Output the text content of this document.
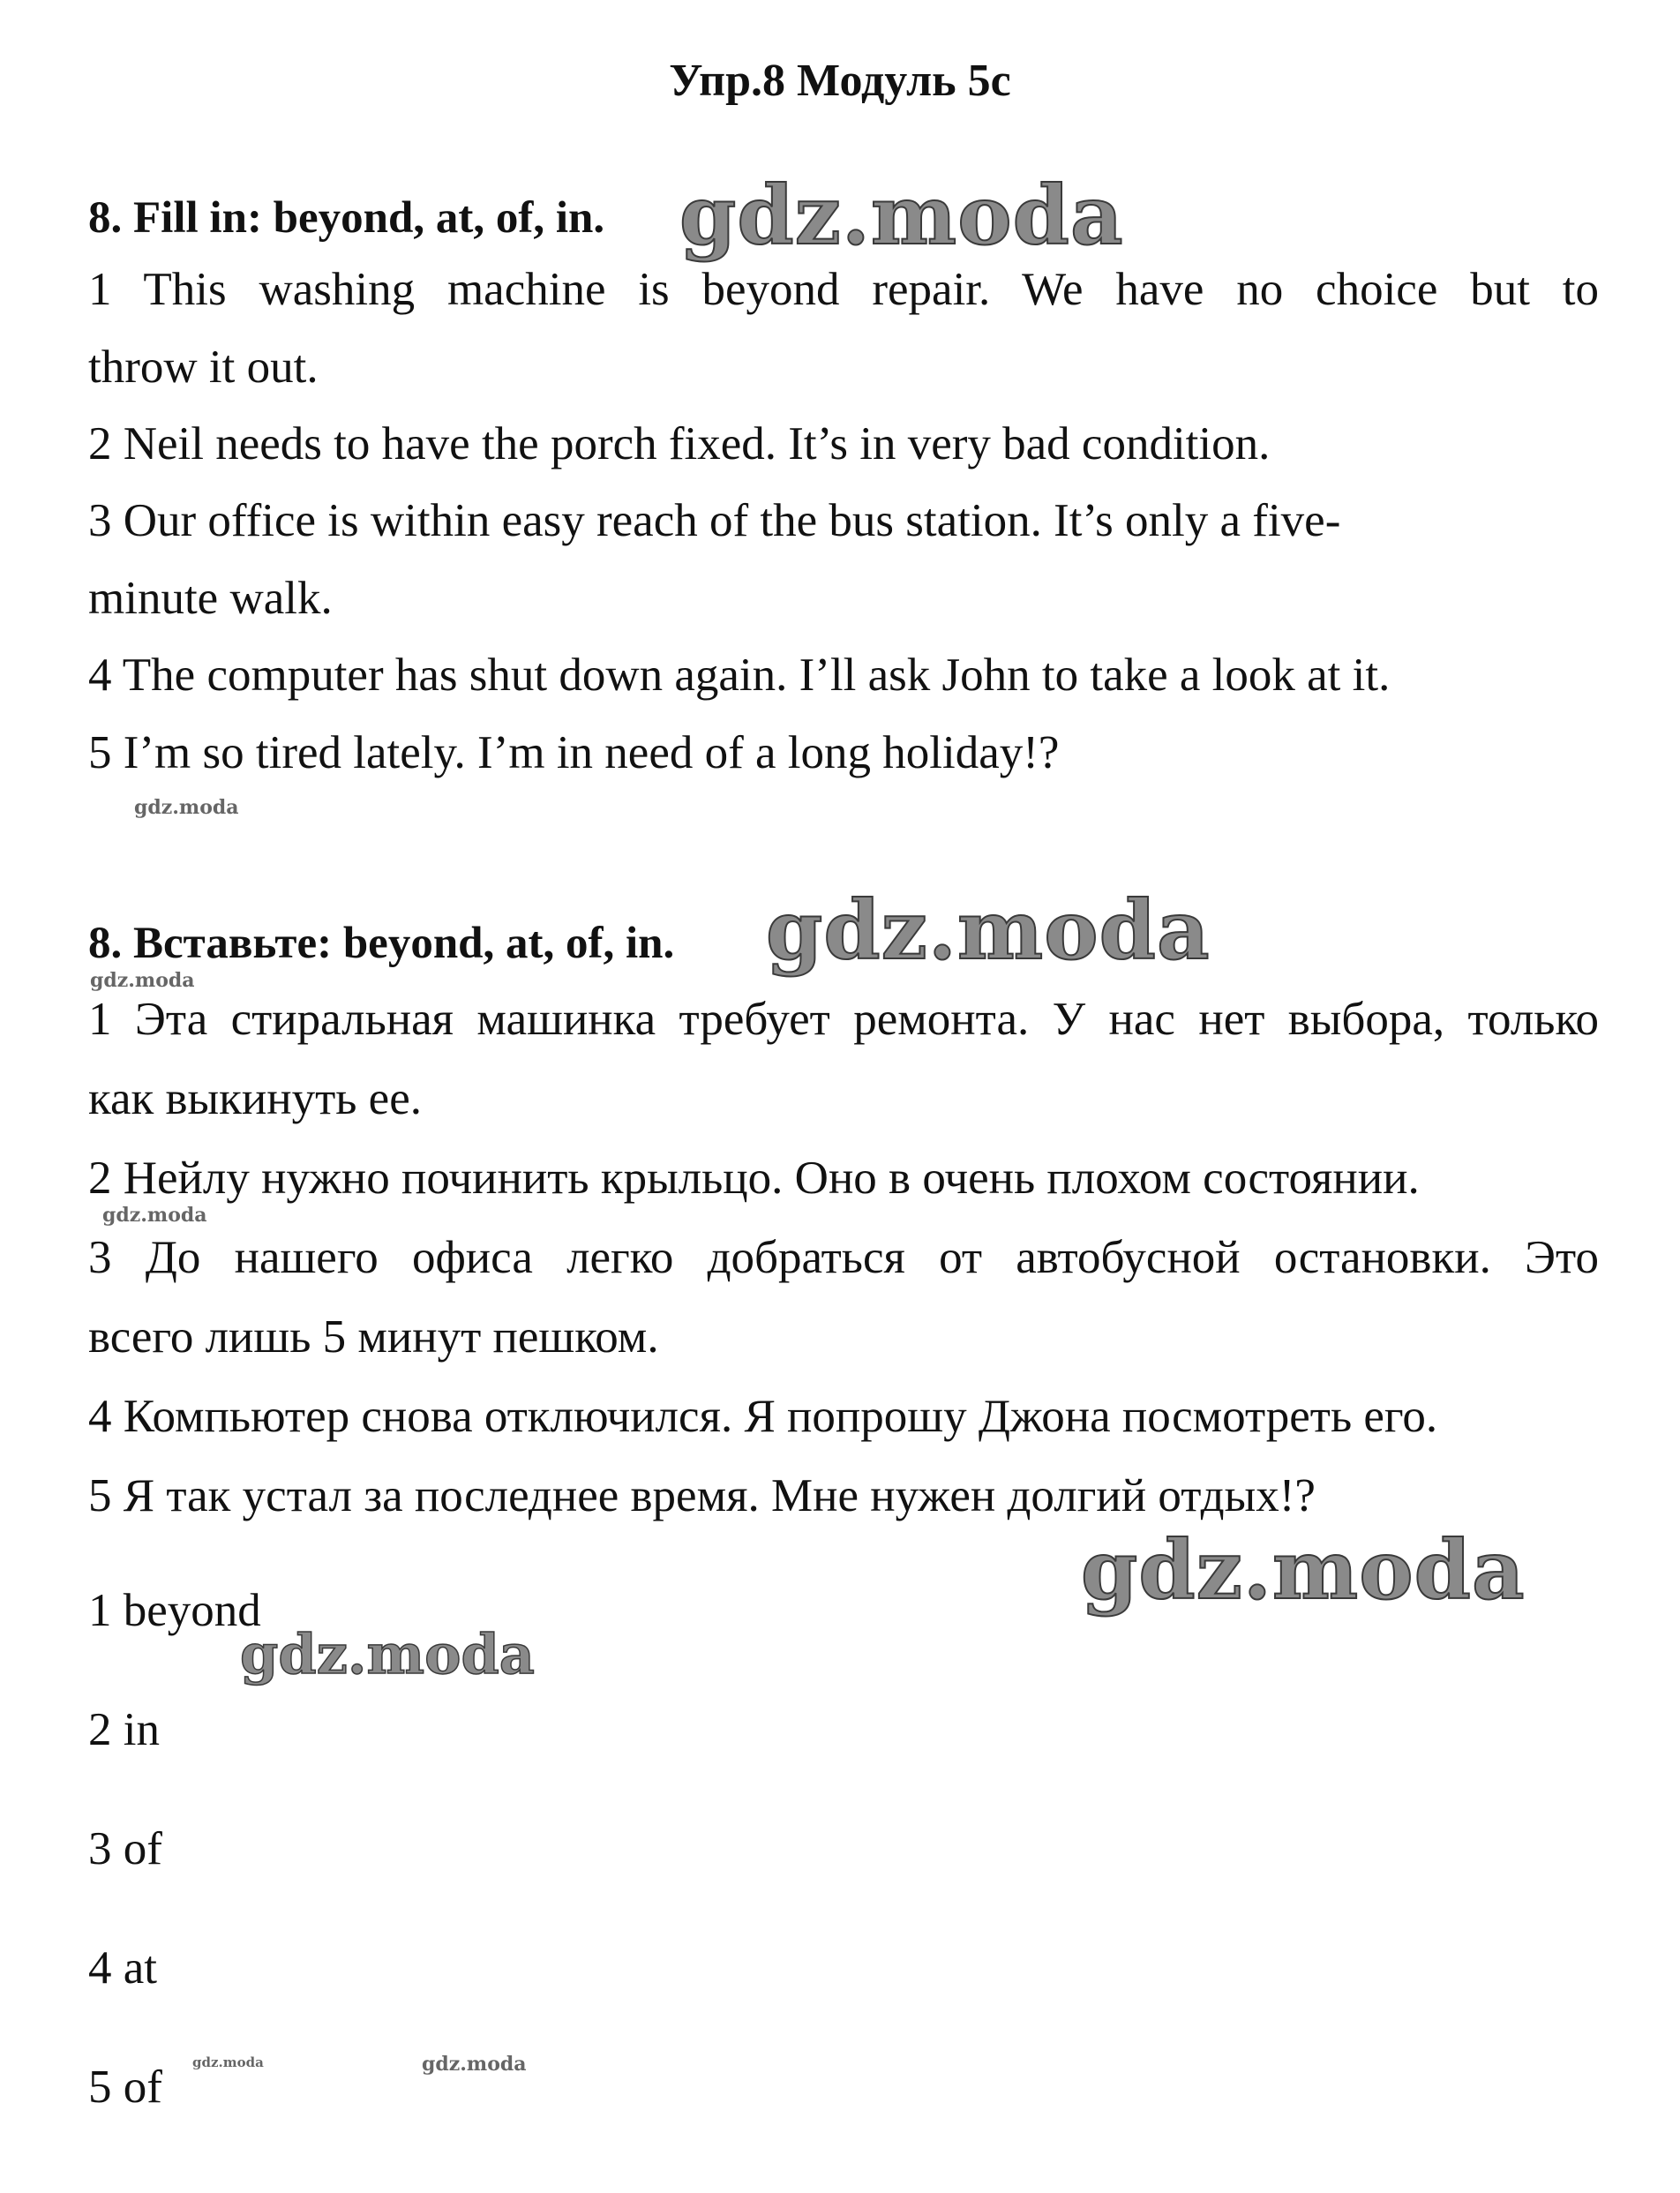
Упр.8 Модуль 5с
8. Fill in: beyond, at, of, in. gdz.moda
1 This washing machine is beyond repair. We have no choice but to
throw it out.
2 Neil needs to have the porch fixed. It’s in very bad condition.
3 Our office is within easy reach of the bus station. It’s only a five-
minute walk.
4 The computer has shut down again. I’ll ask John to take a look at it.
5 I’m so tired lately. I’m in need of a long holiday!?
gdz.moda
8. Вставьте: beyond, at, of, in. gdz.moda
gdz.moda
1 Эта стиральная машинка требует ремонта. У нас нет выбора, только
как выкинуть ее.
2 Нейлу нужно починить крыльцо. Оно в очень плохом состоянии.
gdz.moda
3 До нашего офиса легко добраться от автобусной остановки. Это
всего лишь 5 минут пешком.
4 Компьютер снова отключился. Я попрошу Джона посмотреть его.
5 Я так устал за последнее время. Мне нужен долгий отдых!?
gdz.moda
1 beyond
gdz.moda
2 in
3 of
4 at
5 of gdz.moda	gdz.moda
